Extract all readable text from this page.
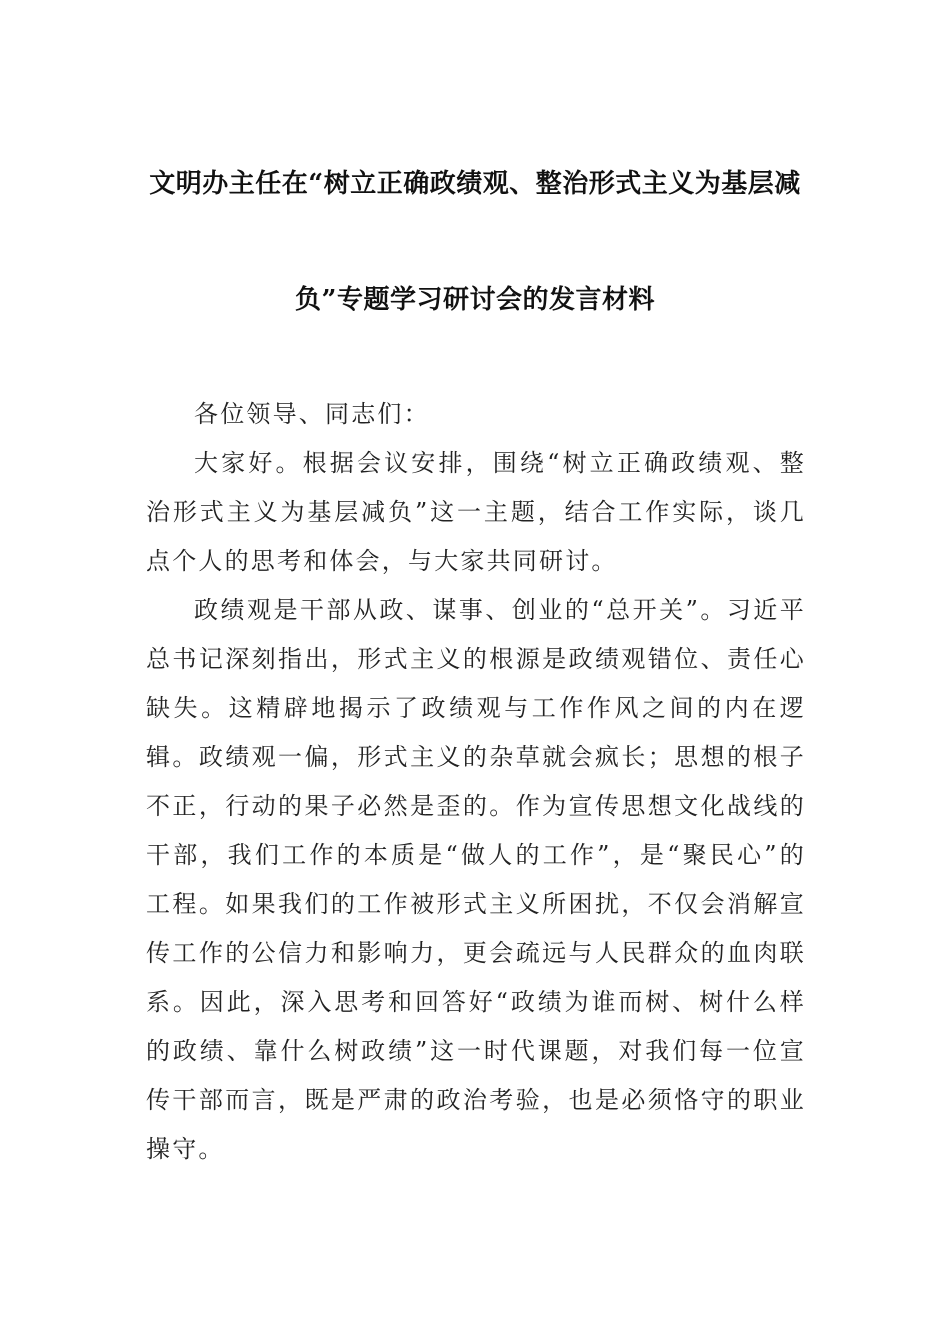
文明办主任在“树立正确政绩观、整治形式主义为基层减
负”专题学习研讨会的发言材料

各位领导、同志们：

大家好。根据会议安排，围绕“树立正确政绩观、整治形式主义为基层减负”这一主题，结合工作实际，谈几点个人的思考和体会，与大家共同研讨。

政绩观是干部从政、谋事、创业的“总开关”。习近平总书记深刻指出，形式主义的根源是政绩观错位、责任心缺失。这精辟地揭示了政绩观与工作作风之间的内在逻辑。政绩观一偏，形式主义的杂草就会疯长；思想的根子不正，行动的果子必然是歪的。作为宣传思想文化战线的干部，我们工作的本质是“做人的工作”，是“聚民心”的工程。如果我们的工作被形式主义所困扰，不仅会消解宣传工作的公信力和影响力，更会疏远与人民群众的血肉联系。因此，深入思考和回答好“政绩为谁而树、树什么样的政绩、靠什么树政绩”这一时代课题，对我们每一位宣传干部而言，既是严肃的政治考验，也是必须恪守的职业操守。
